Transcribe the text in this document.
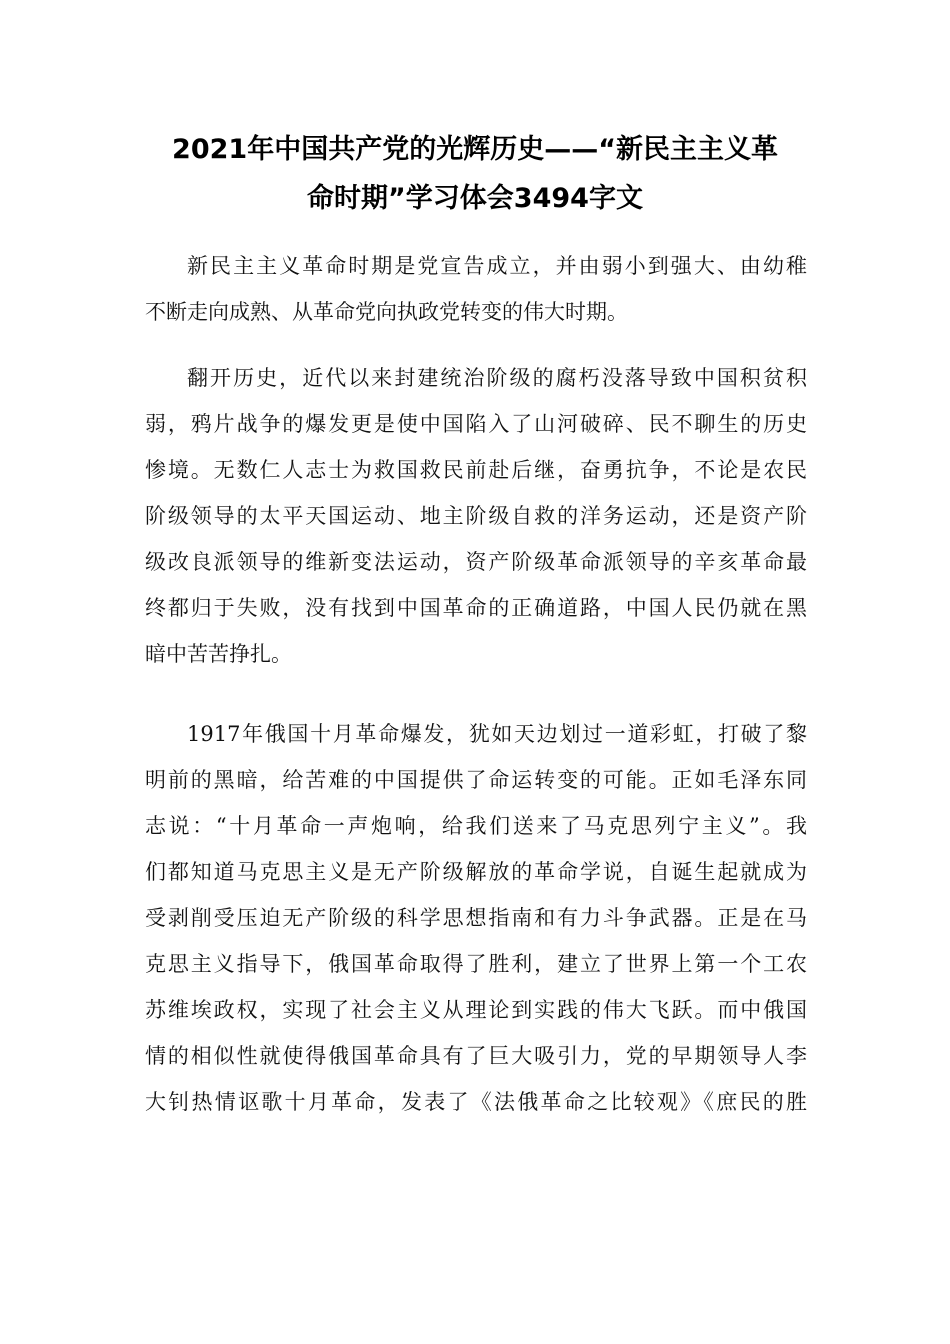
2021年中国共产党的光辉历史——“新民主主义革
命时期”学习体会3494字文

新民主主义革命时期是党宣告成立，并由弱小到强大、由幼稚
不断走向成熟、从革命党向执政党转变的伟大时期。

翻开历史，近代以来封建统治阶级的腐朽没落导致中国积贫积
弱，鸦片战争的爆发更是使中国陷入了山河破碎、民不聊生的历史
惨境。无数仁人志士为救国救民前赴后继，奋勇抗争，不论是农民
阶级领导的太平天国运动、地主阶级自救的洋务运动，还是资产阶
级改良派领导的维新变法运动，资产阶级革命派领导的辛亥革命最
终都归于失败，没有找到中国革命的正确道路，中国人民仍就在黑
暗中苦苦挣扎。

1917年俄国十月革命爆发，犹如天边划过一道彩虹，打破了黎
明前的黑暗，给苦难的中国提供了命运转变的可能。正如毛泽东同
志说：“十月革命一声炮响，给我们送来了马克思列宁主义”。我
们都知道马克思主义是无产阶级解放的革命学说，自诞生起就成为
受剥削受压迫无产阶级的科学思想指南和有力斗争武器。正是在马
克思主义指导下，俄国革命取得了胜利，建立了世界上第一个工农
苏维埃政权，实现了社会主义从理论到实践的伟大飞跃。而中俄国
情的相似性就使得俄国革命具有了巨大吸引力，党的早期领导人李
大钊热情讴歌十月革命，发表了《法俄革命之比较观》《庶民的胜
